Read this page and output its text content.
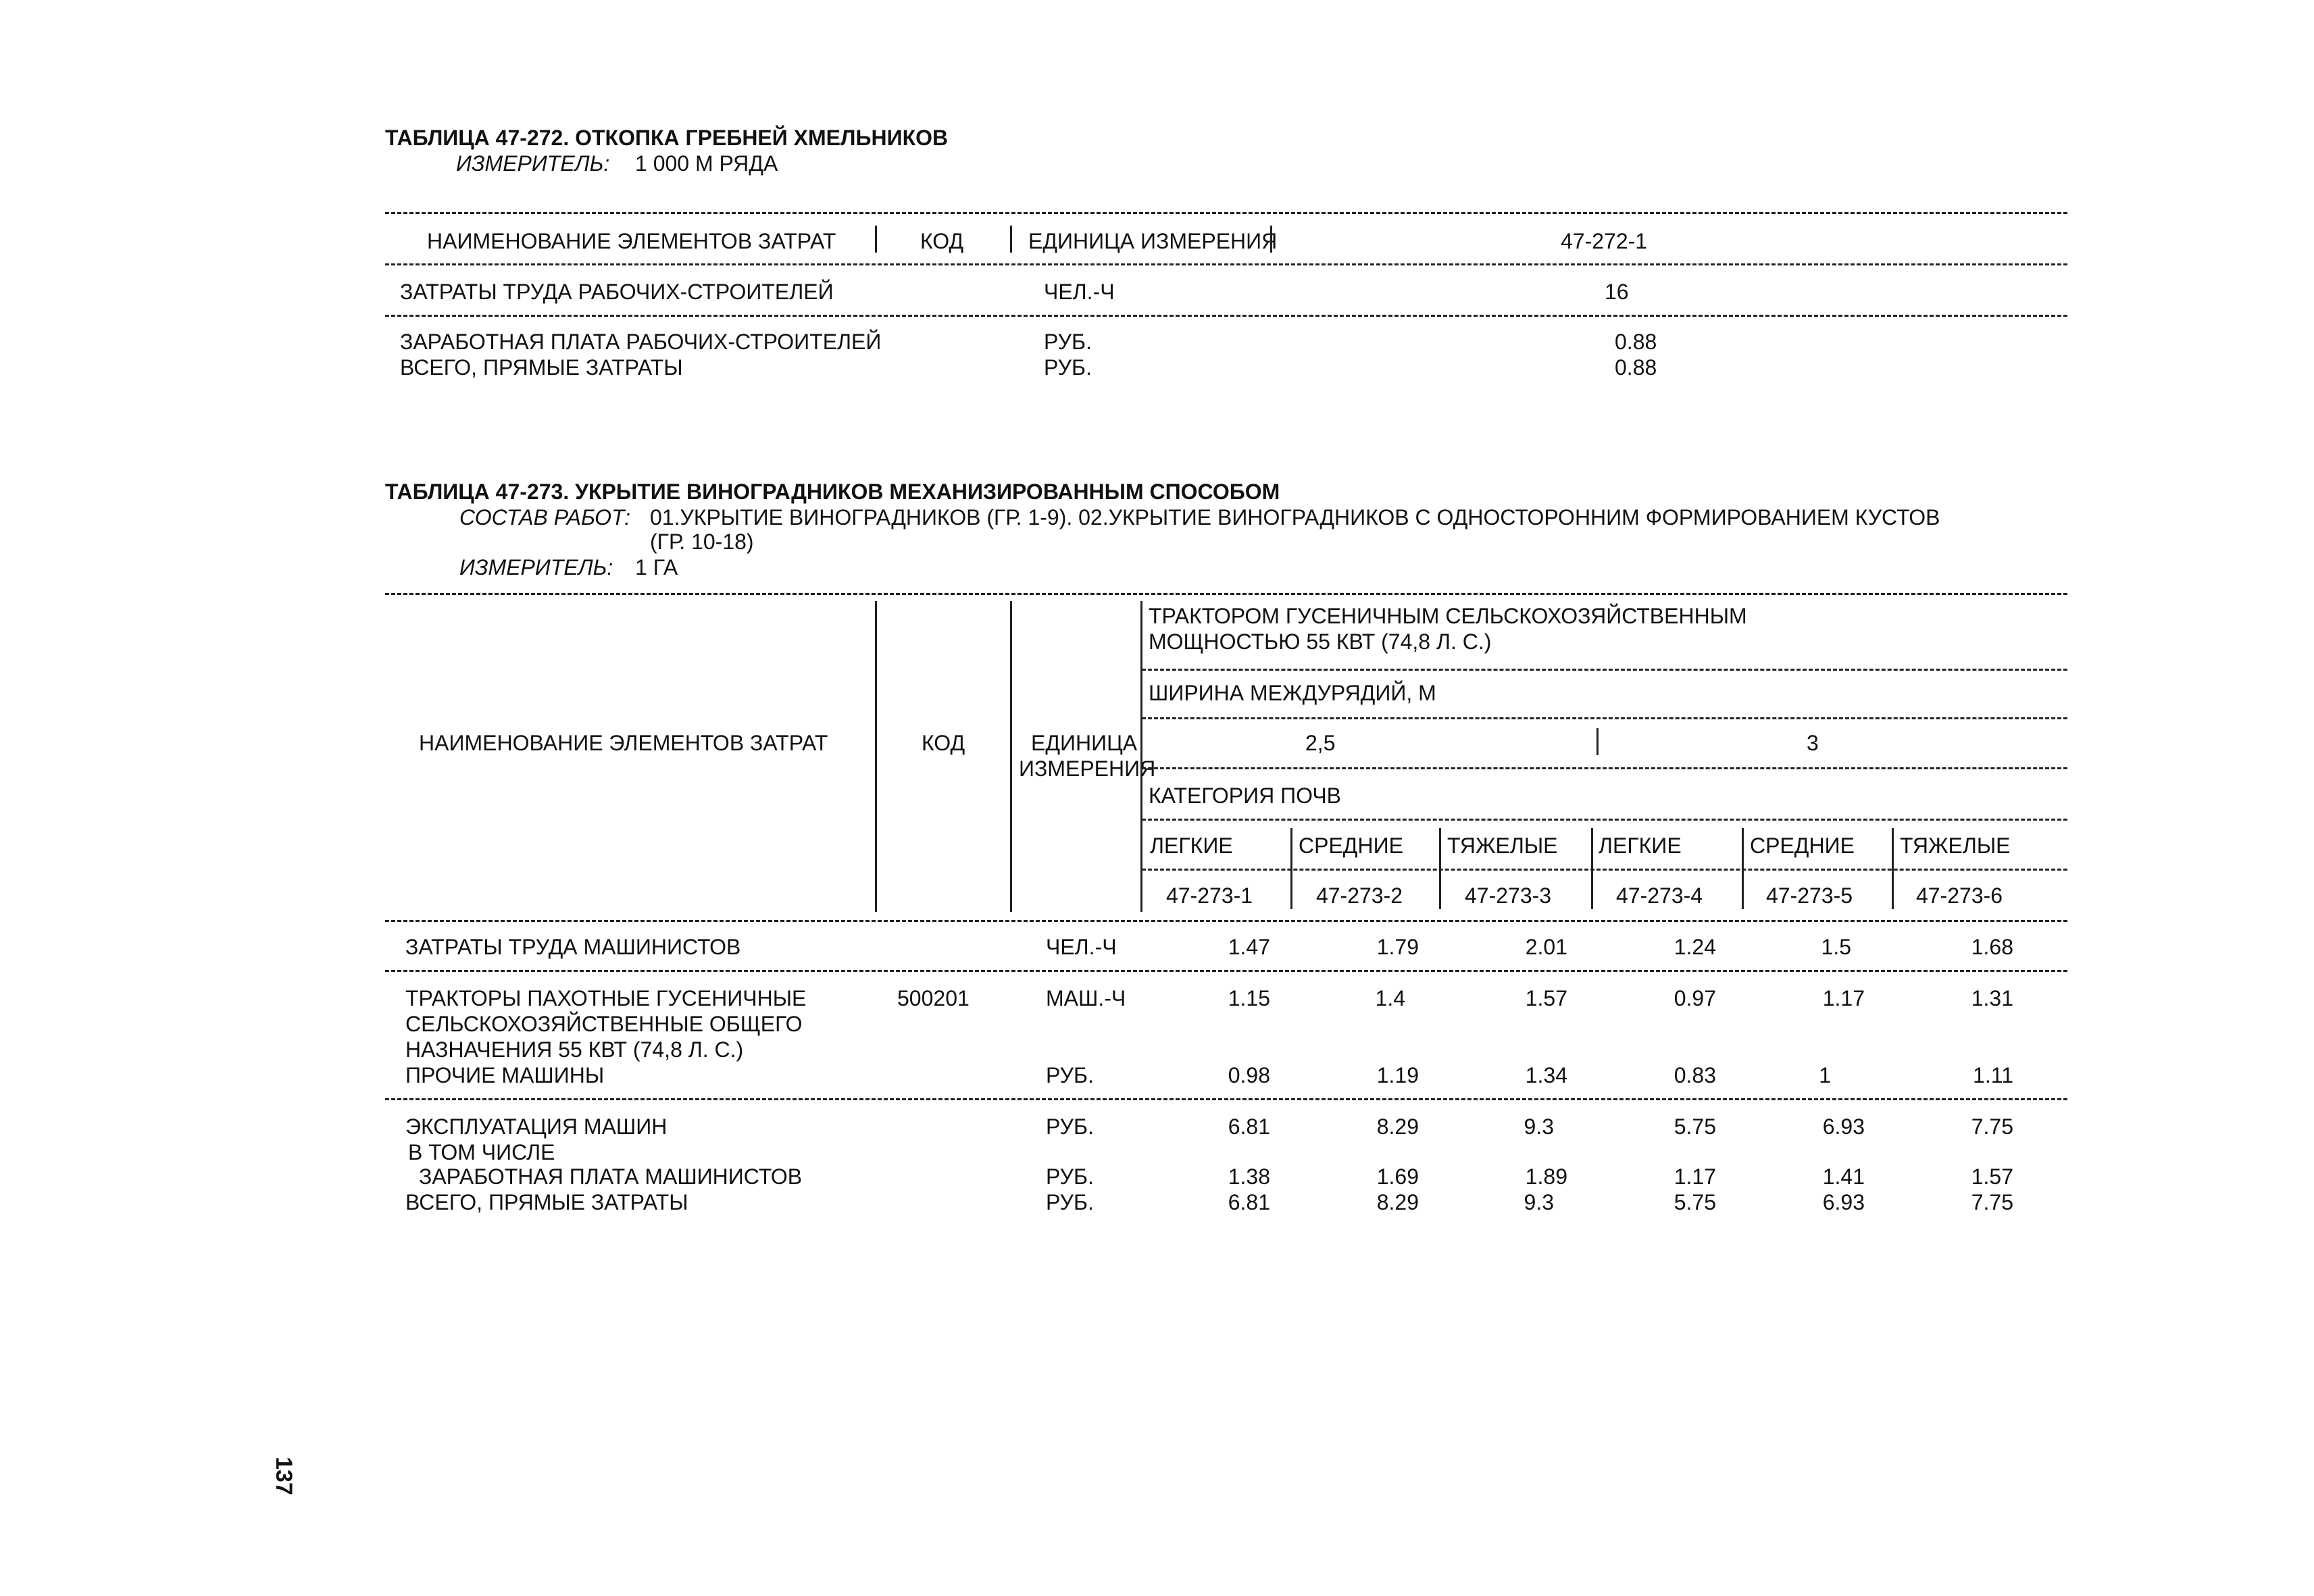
ТАБЛИЦА 47-272. ОТКОПКА ГРЕБНЕЙ ХМЕЛЬНИКОВ
ИЗМЕРИТЕЛЬ: 1 000 М РЯДА
НАИМЕНОВАНИЕ ЭЛЕМЕНТОВ ЗАТРАТ	КОД	ЕДИНИЦА ИЗМЕРЕНИЯ	47-272-1
ЗАТРАТЫ ТРУДА РАБОЧИХ-СТРОИТЕЛЕЙ	ЧЕЛ.-Ч	16
ЗАРАБОТНАЯ ПЛАТА РАБОЧИХ-СТРОИТЕЛЕЙ	РУБ.	0.88
ВСЕГО, ПРЯМЫЕ ЗАТРАТЫ	РУБ.	0.88
ТАБЛИЦА 47-273. УКРЫТИЕ ВИНОГРАДНИКОВ МЕХАНИЗИРОВАННЫМ СПОСОБОМ
СОСТАВ РАБОТ: 01.УКРЫТИЕ ВИНОГРАДНИКОВ (ГР. 1-9). 02.УКРЫТИЕ ВИНОГРАДНИКОВ С ОДНОСТОРОННИМ ФОРМИРОВАНИЕМ КУСТОВ
(ГР. 10-18)
ИЗМЕРИТЕЛЬ: 1 ГА
ТРАКТОРОМ ГУСЕНИЧНЫМ СЕЛЬСКОХОЗЯЙСТВЕННЫМ
МОЩНОСТЬЮ 55 КВТ (74,8 Л. С.)
ШИРИНА МЕЖДУРЯДИЙ, М
НАИМЕНОВАНИЕ ЭЛЕМЕНТОВ ЗАТРАТ	КОД	ЕДИНИЦА
ИЗМЕРЕНИЯ
2,5	3
КАТЕГОРИЯ ПОЧВ
ЛЕГКИЕ	СРЕДНИЕ ТЯЖЕЛЫЕ ЛЕГКИЕ	СРЕДНИЕ ТЯЖЕЛЫЕ
47-273-1	47-273-2	47-273-3	47-273-4	47-273-5	47-273-6
ЗАТРАТЫ ТРУДА МАШИНИСТОВ	ЧЕЛ.-Ч	1.47	1.79	2.01	1.24	1.5	1.68
ТРАКТОРЫ ПАХОТНЫЕ ГУСЕНИЧНЫЕ
СЕЛЬСКОХОЗЯЙСТВЕННЫЕ ОБЩЕГО
НАЗНАЧЕНИЯ 55 КВТ (74,8 Л. С.)
500201	МАШ.-Ч	1.15	1.4	1.57	0.97	1.17	1.31
ПРОЧИЕ МАШИНЫ	РУБ.	0.98	1.19	1.34	0.83	1	1.11
ЭКСПЛУАТАЦИЯ МАШИН	РУБ.	6.81	8.29	9.3	5.75	6.93	7.75
В ТОМ ЧИСЛЕ
ЗАРАБОТНАЯ ПЛАТА МАШИНИСТОВ	РУБ.	1.38	1.69	1.89	1.17	1.41	1.57
ВСЕГО, ПРЯМЫЕ ЗАТРАТЫ	РУБ.	6.81	8.29	9.3	5.75	6.93	7.75
137
